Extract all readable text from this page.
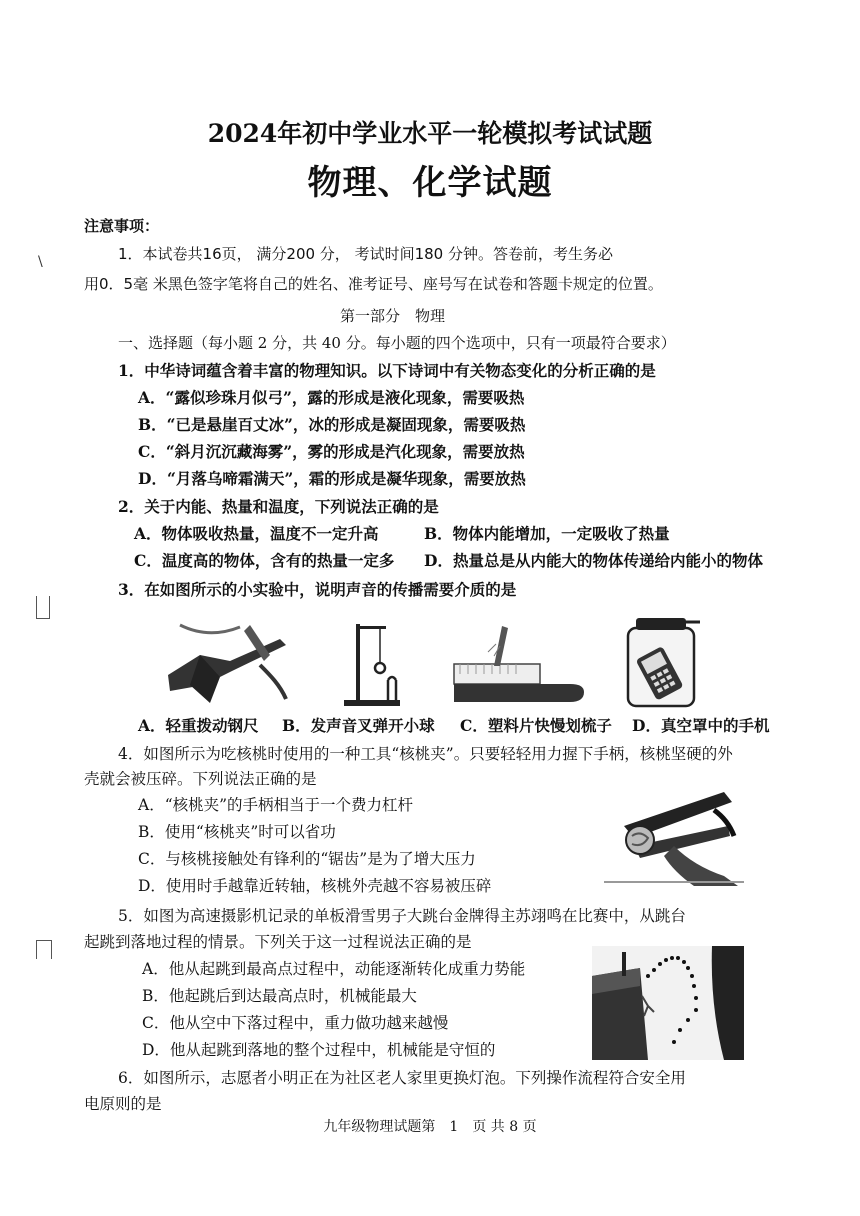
\
2024年初中学业水平一轮模拟考试试题
物理、化学试题
注意事项：
1．本试卷共16页， 满分200 分， 考试时间180 分钟。答卷前，考生务必
用0．5毫 米黑色签字笔将自己的姓名、准考证号、座号写在试卷和答题卡规定的位置。
第一部分　物理
一、选择题（每小题 2 分，共 40 分。每小题的四个选项中，只有一项最符合要求）
1．中华诗词蕴含着丰富的物理知识。以下诗词中有关物态变化的分析正确的是
A．“露似珍珠月似弓”，露的形成是液化现象，需要吸热
B．“已是悬崖百丈冰”，冰的形成是凝固现象，需要吸热
C．“斜月沉沉藏海雾”，雾的形成是汽化现象，需要放热
D．“月落乌啼霜满天”，霜的形成是凝华现象，需要放热
2．关于内能、热量和温度，下列说法正确的是
A．物体吸收热量，温度不一定升高	B．物体内能增加，一定吸收了热量
C．温度高的物体，含有的热量一定多 D．热量总是从内能大的物体传递给内能小的物体
3．在如图所示的小实验中，说明声音的传播需要介质的是
A．轻重拨动钢尺 B．发声音叉弹开小球 C．塑料片快慢划梳子 D．真空罩中的手机
4．如图所示为吃核桃时使用的一种工具“核桃夹”。只要轻轻用力握下手柄，核桃坚硬的外
壳就会被压碎。下列说法正确的是
A．“核桃夹”的手柄相当于一个费力杠杆
B．使用“核桃夹”时可以省功
C．与核桃接触处有锋利的“锯齿”是为了增大压力
D．使用时手越靠近转轴，核桃外壳越不容易被压碎
5．如图为高速摄影机记录的单板滑雪男子大跳台金牌得主苏翊鸣在比赛中，从跳台
起跳到落地过程的情景。下列关于这一过程说法正确的是
A．他从起跳到最高点过程中，动能逐渐转化成重力势能
B．他起跳后到达最高点时，机械能最大
C．他从空中下落过程中，重力做功越来越慢
D．他从起跳到落地的整个过程中，机械能是守恒的
6．如图所示，志愿者小明正在为社区老人家里更换灯泡。下列操作流程符合安全用
电原则的是
九年级物理试题第　1　页 共 8 页
